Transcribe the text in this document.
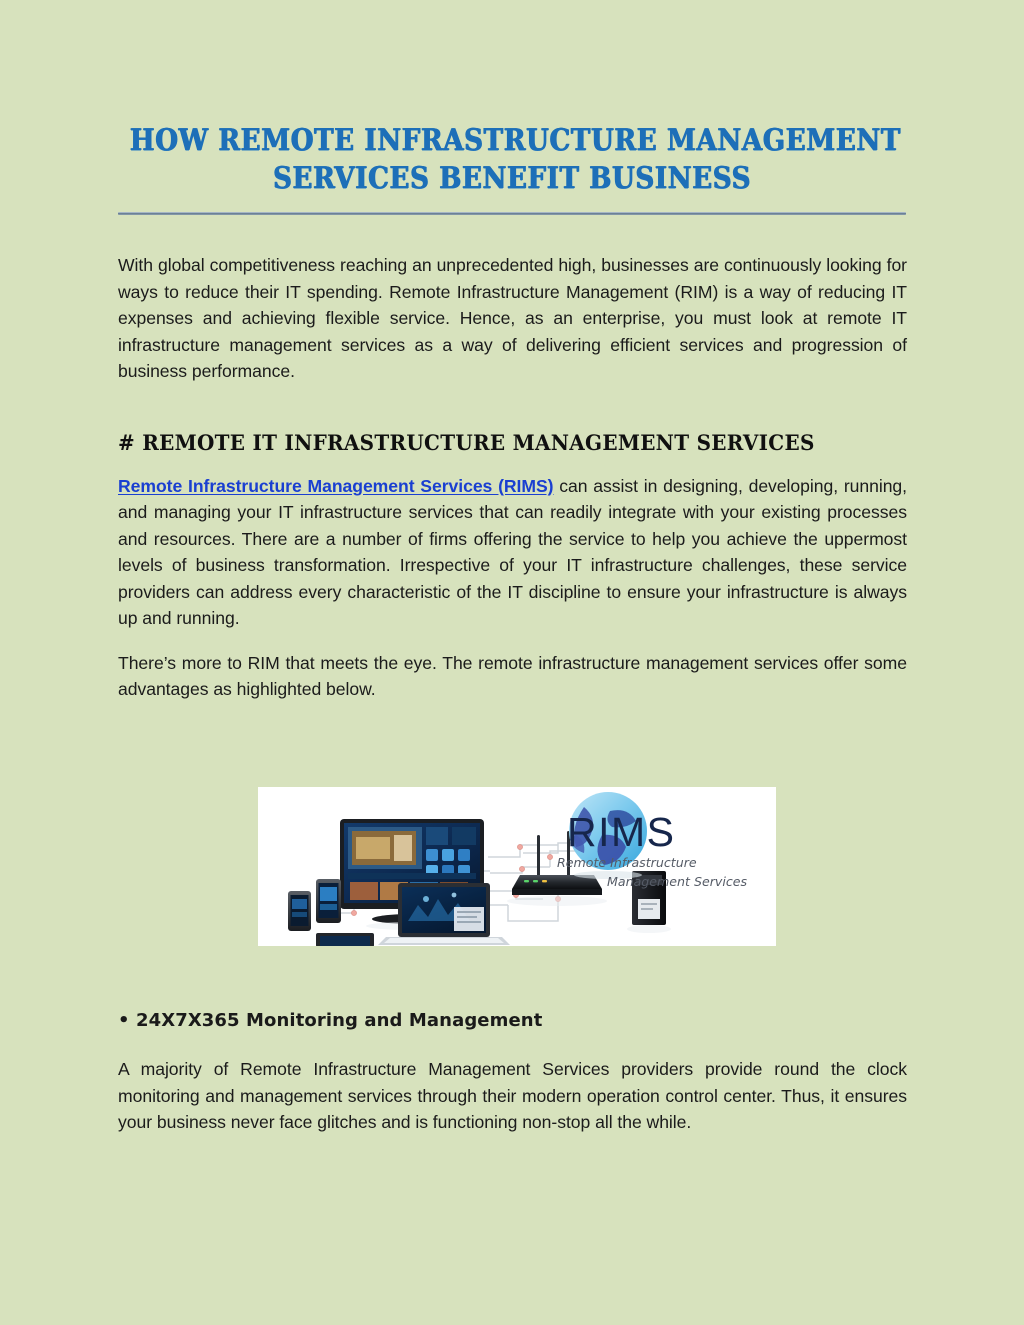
HOW REMOTE INFRASTRUCTURE MANAGEMENT
SERVICES BENEFIT BUSINESS

With global competitiveness reaching an unprecedented high, businesses are continuously looking for ways to reduce their IT spending. Remote Infrastructure Management (RIM) is a way of reducing IT expenses and achieving flexible service. Hence, as an enterprise, you must look at remote IT infrastructure management services as a way of delivering efficient services and progression of business performance.

# REMOTE IT INFRASTRUCTURE MANAGEMENT SERVICES

Remote Infrastructure Management Services (RIMS) can assist in designing, developing, running, and managing your IT infrastructure services that can readily integrate with your existing processes and resources. There are a number of firms offering the service to help you achieve the uppermost levels of business transformation. Irrespective of your IT infrastructure challenges, these service providers can address every characteristic of the IT discipline to ensure your infrastructure is always up and running.

There’s more to RIM that meets the eye. The remote infrastructure management services offer some advantages as highlighted below.

RIMS
Remote Infrastructure
Management Services
• 24X7X365 Monitoring and Management

A majority of Remote Infrastructure Management Services providers provide round the clock monitoring and management services through their modern operation control center. Thus, it ensures your business never face glitches and is functioning non-stop all the while.
